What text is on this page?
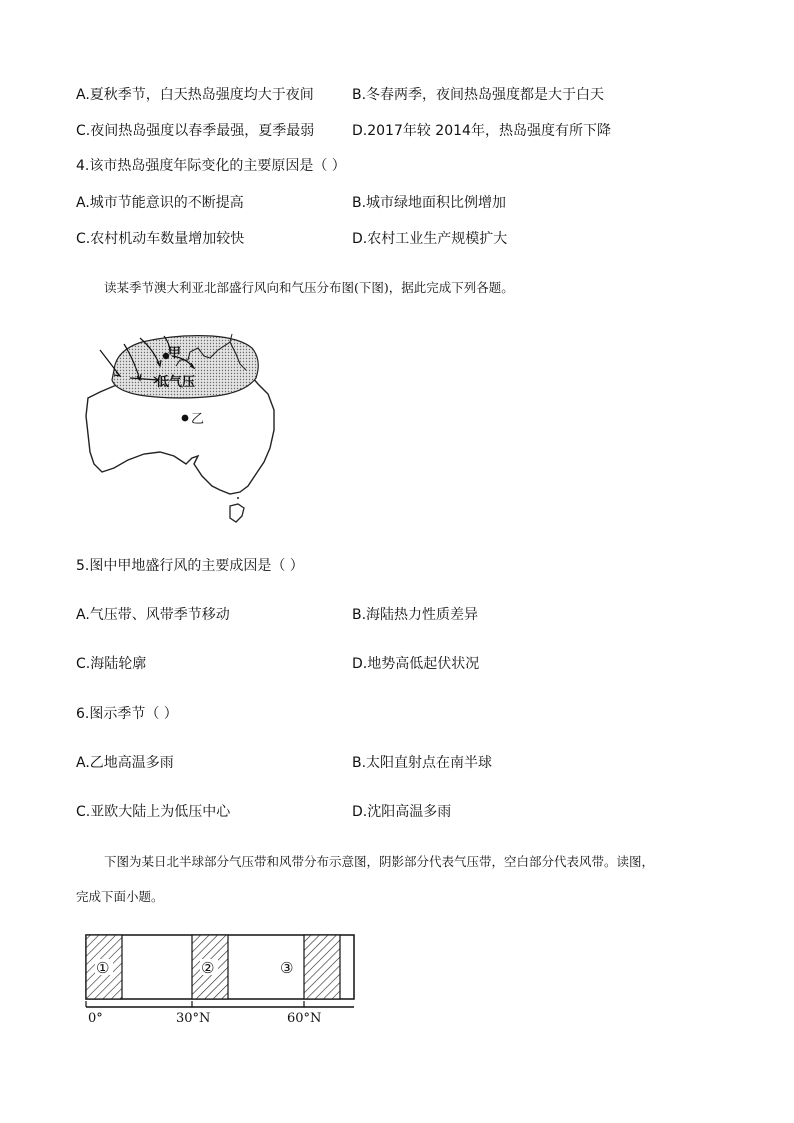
A.夏秋季节，白天热岛强度均大于夜间	B.冬春两季，夜间热岛强度都是大于白天
C.夜间热岛强度以春季最强，夏季最弱	D.2017年较 2014年，热岛强度有所下降
4.该市热岛强度年际变化的主要原因是（ ）
A.城市节能意识的不断提高	B.城市绿地面积比例增加
C.农村机动车数量增加较快	D.农村工业生产规模扩大
读某季节澳大利亚北部盛行风向和气压分布图(下图)，据此完成下列各题。
甲
低气压
乙
5.图中甲地盛行风的主要成因是（ ）
A.气压带、风带季节移动	B.海陆热力性质差异
C.海陆轮廓	D.地势高低起伏状况
6.图示季节（ ）
A.乙地高温多雨	B.太阳直射点在南半球
C.亚欧大陆上为低压中心	D.沈阳高温多雨
下图为某日北半球部分气压带和风带分布示意图，阴影部分代表气压带，空白部分代表风带。读图，
完成下面小题。
①	②	③
0°	30°N	60°N
